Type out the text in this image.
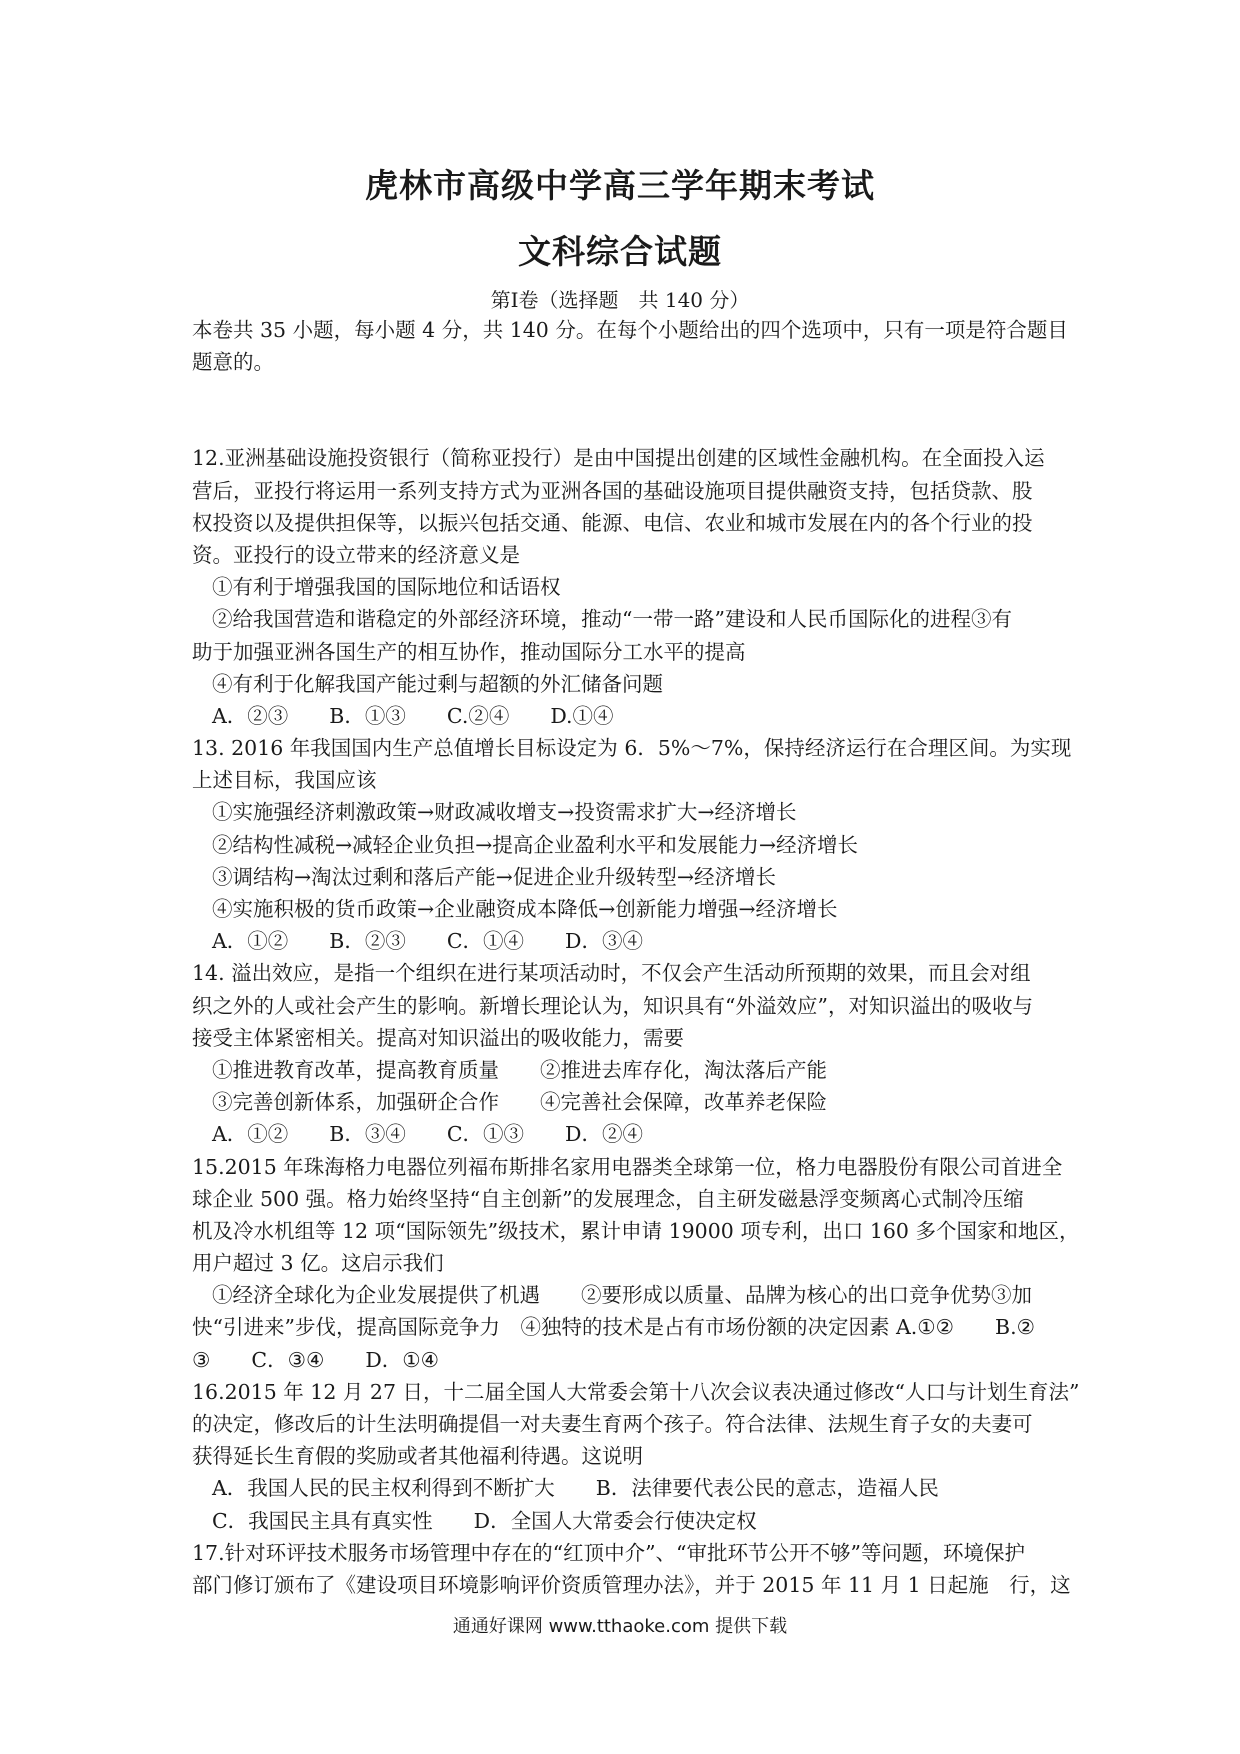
虎林市高级中学高三学年期末考试
文科综合试题
第Ⅰ卷（选择题　共 140 分）
本卷共 35 小题，每小题 4 分，共 140 分。在每个小题给出的四个选项中，只有一项是符合题目
题意的。
12.亚洲基础设施投资银行（简称亚投行）是由中国提出创建的区域性金融机构。在全面投入运
营后，亚投行将运用一系列支持方式为亚洲各国的基础设施项目提供融资支持，包括贷款、股
权投资以及提供担保等，以振兴包括交通、能源、电信、农业和城市发展在内的各个行业的投
资。亚投行的设立带来的经济意义是
①有利于增强我国的国际地位和话语权
②给我国营造和谐稳定的外部经济环境，推动“一带一路”建设和人民币国际化的进程③有
助于加强亚洲各国生产的相互协作，推动国际分工水平的提高
④有利于化解我国产能过剩与超额的外汇储备问题
A．②③　　B．①③　　C.②④　　D.①④
13. 2016 年我国国内生产总值增长目标设定为 6．5%～7%，保持经济运行在合理区间。为实现
上述目标，我国应该
①实施强经济刺激政策→财政减收增支→投资需求扩大→经济增长
②结构性减税→减轻企业负担→提高企业盈利水平和发展能力→经济增长
③调结构→淘汰过剩和落后产能→促进企业升级转型→经济增长
④实施积极的货币政策→企业融资成本降低→创新能力增强→经济增长
A．①②　　B．②③　　C．①④　　D．③④
14. 溢出效应，是指一个组织在进行某项活动时，不仅会产生活动所预期的效果，而且会对组
织之外的人或社会产生的影响。新增长理论认为，知识具有“外溢效应”，对知识溢出的吸收与
接受主体紧密相关。提高对知识溢出的吸收能力，需要
①推进教育改革，提高教育质量　　②推进去库存化，淘汰落后产能
③完善创新体系，加强研企合作　　④完善社会保障，改革养老保险
A．①②　　B．③④　　C．①③　　D．②④
15.2015 年珠海格力电器位列福布斯排名家用电器类全球第一位，格力电器股份有限公司首进全
球企业 500 强。格力始终坚持“自主创新”的发展理念，自主研发磁悬浮变频离心式制冷压缩
机及冷水机组等 12 项“国际领先”级技术，累计申请 19000 项专利，出口 160 多个国家和地区，
用户超过 3 亿。这启示我们
①经济全球化为企业发展提供了机遇　　②要形成以质量、品牌为核心的出口竞争优势③加
快“引进来”步伐，提高国际竞争力　④独特的技术是占有市场份额的决定因素 A.①②　　B.②
③　　C．③④　　D．①④
16.2015 年 12 月 27 日，十二届全国人大常委会第十八次会议表决通过修改“人口与计划生育法”
的决定，修改后的计生法明确提倡一对夫妻生育两个孩子。符合法律、法规生育子女的夫妻可
获得延长生育假的奖励或者其他福利待遇。这说明
A．我国人民的民主权利得到不断扩大　　B．法律要代表公民的意志，造福人民
C．我国民主具有真实性　　D．全国人大常委会行使决定权
17.针对环评技术服务市场管理中存在的“红顶中介”、“审批环节公开不够”等问题，环境保护
部门修订颁布了《建设项目环境影响评价资质管理办法》，并于 2015 年 11 月 1 日起施　行，这
通通好课网 www.tthaoke.com 提供下载
